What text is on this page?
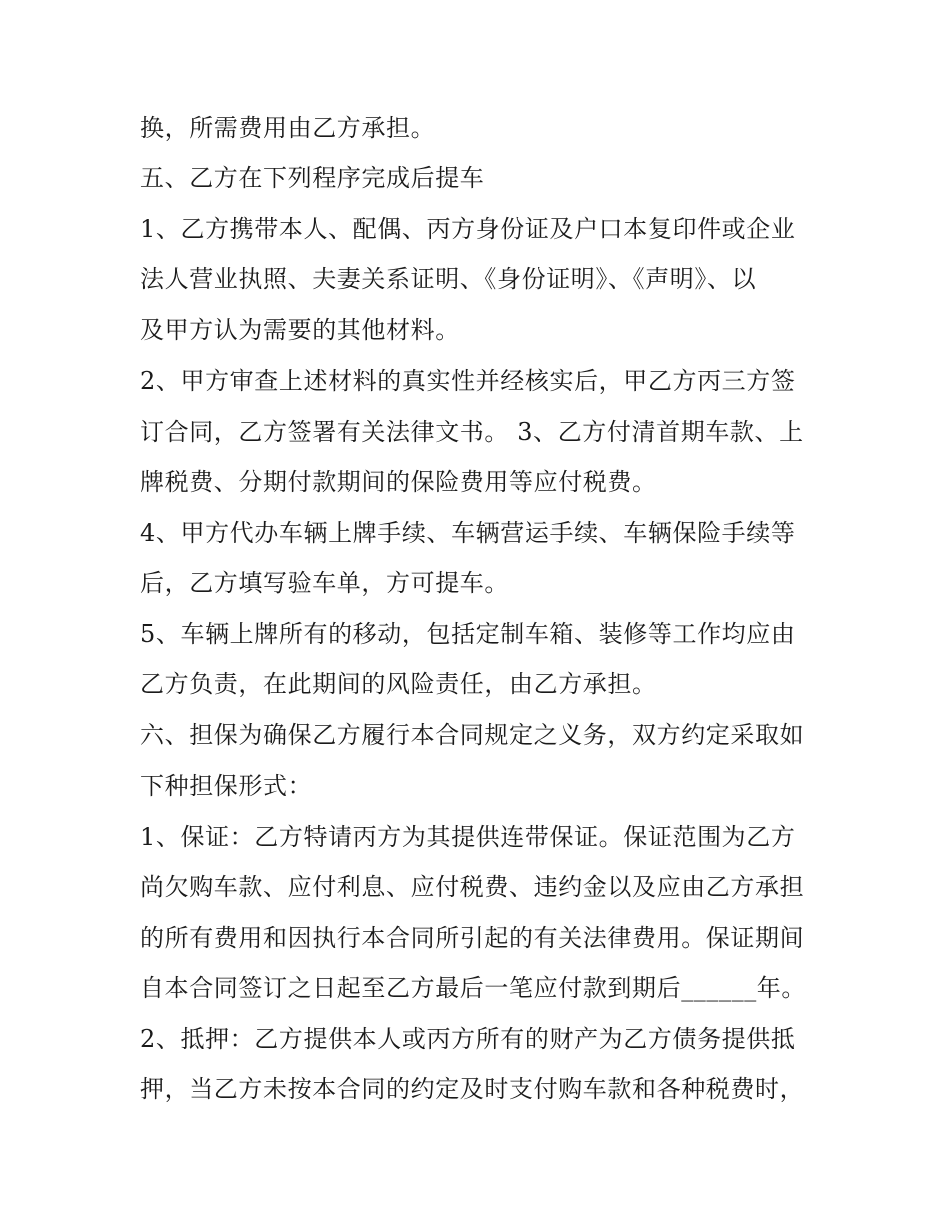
换，所需费用由乙方承担。
五、乙方在下列程序完成后提车
1、乙方携带本人、配偶、丙方身份证及户口本复印件或企业
法人营业执照、夫妻关系证明、《身份证明》、《声明》、以
及甲方认为需要的其他材料。
2、甲方审查上述材料的真实性并经核实后，甲乙方丙三方签
订合同，乙方签署有关法律文书。 3、乙方付清首期车款、上
牌税费、分期付款期间的保险费用等应付税费。
4、甲方代办车辆上牌手续、车辆营运手续、车辆保险手续等
后，乙方填写验车单，方可提车。
5、车辆上牌所有的移动，包括定制车箱、装修等工作均应由
乙方负责，在此期间的风险责任，由乙方承担。
六、担保为确保乙方履行本合同规定之义务，双方约定采取如
下种担保形式：
1、保证：乙方特请丙方为其提供连带保证。保证范围为乙方
尚欠购车款、应付利息、应付税费、违约金以及应由乙方承担
的所有费用和因执行本合同所引起的有关法律费用。保证期间
自本合同签订之日起至乙方最后一笔应付款到期后______年。
2、抵押：乙方提供本人或丙方所有的财产为乙方债务提供抵
押，当乙方未按本合同的约定及时支付购车款和各种税费时，
